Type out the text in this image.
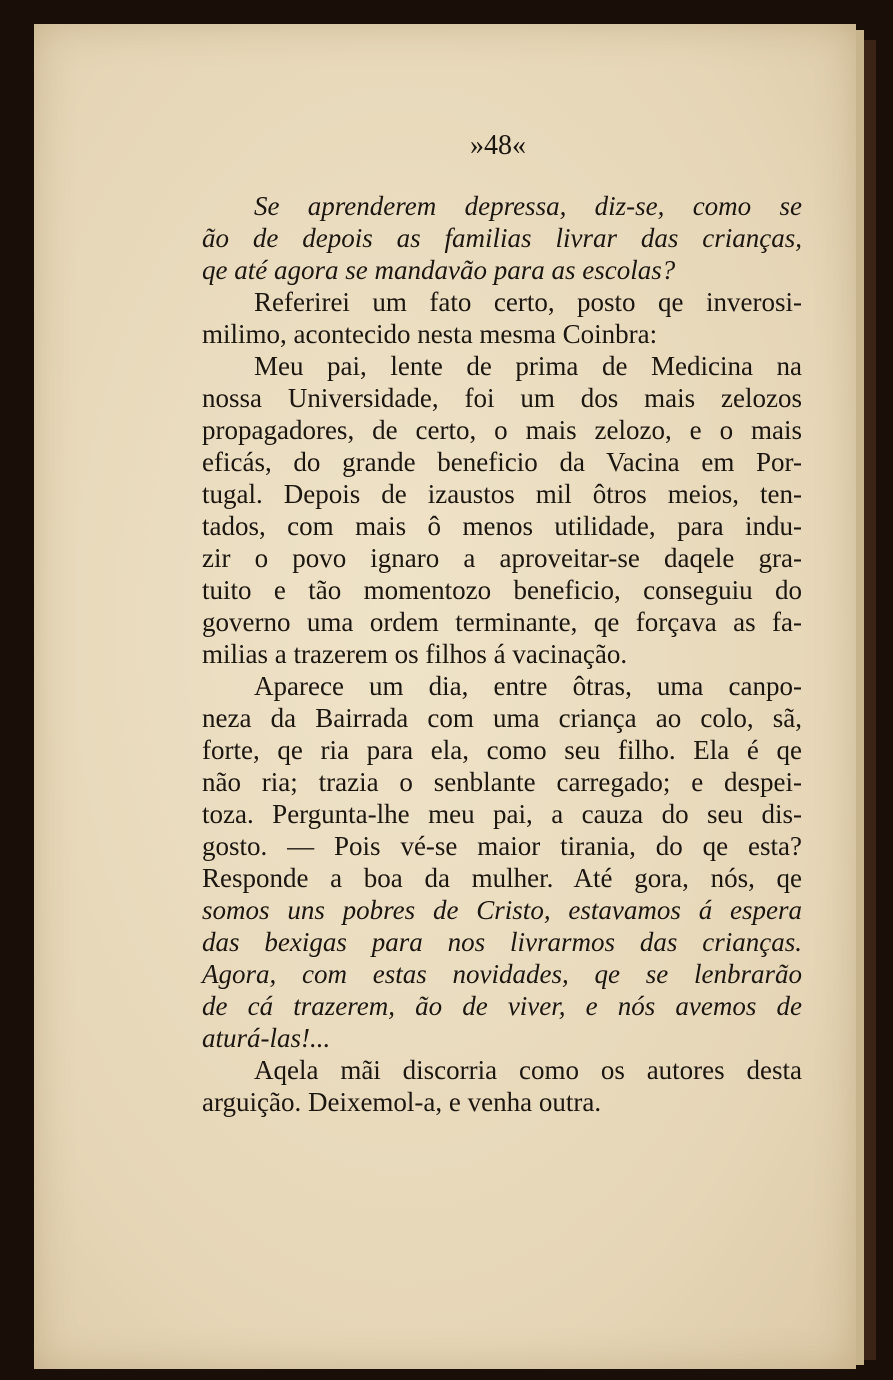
»48«
Se aprenderem depressa, diz-se, como se
ão de depois as familias livrar das crianças,
qe até agora se mandavão para as escolas?
Referirei um fato certo, posto qe inverosi-
milimo, acontecido nesta mesma Coinbra:
Meu pai, lente de prima de Medicina na
nossa Universidade, foi um dos mais zelozos
propagadores, de certo, o mais zelozo, e o mais
eficás, do grande beneficio da Vacina em Por-
tugal. Depois de izaustos mil ôtros meios, ten-
tados, com mais ô menos utilidade, para indu-
zir o povo ignaro a aproveitar-se daqele gra-
tuito e tão momentozo beneficio, conseguiu do
governo uma ordem terminante, qe forçava as fa-
milias a trazerem os filhos á vacinação.
Aparece um dia, entre ôtras, uma canpo-
neza da Bairrada com uma criança ao colo, sã,
forte, qe ria para ela, como seu filho. Ela é qe
não ria; trazia o senblante carregado; e despei-
toza. Pergunta-lhe meu pai, a cauza do seu dis-
gosto. — Pois vé-se maior tirania, do qe esta?
Responde a boa da mulher. Até gora, nós, qe
somos uns pobres de Cristo, estavamos á espera
das bexigas para nos livrarmos das crianças.
Agora, com estas novidades, qe se lenbrarão
de cá trazerem, ão de viver, e nós avemos de
aturá-las!...
Aqela mãi discorria como os autores desta
arguição. Deixemol-a, e venha outra.
